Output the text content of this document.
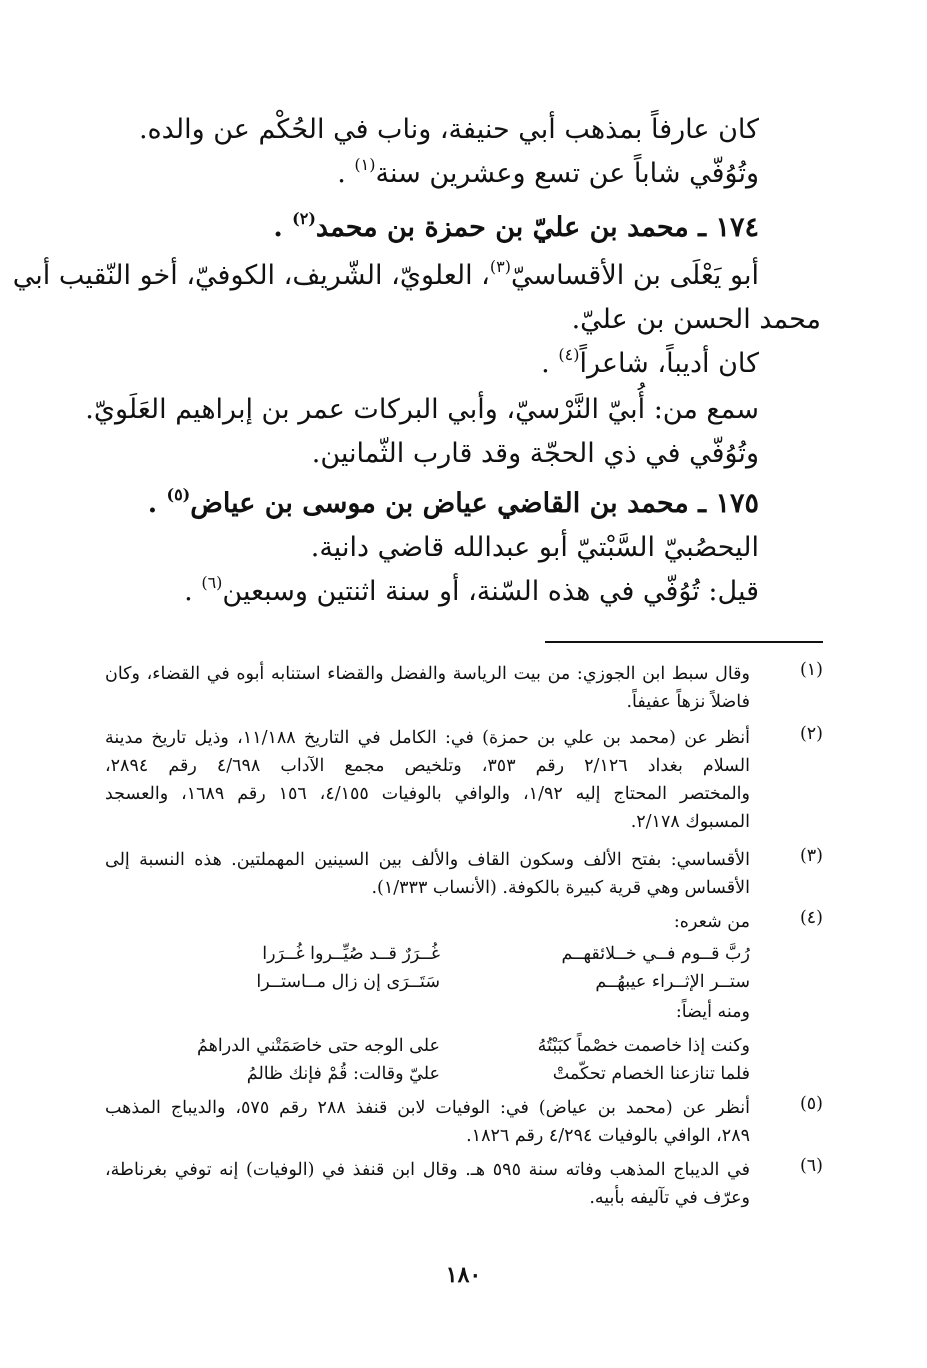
كان عارفاً بمذهب أبي حنيفة، وناب في الحُكْم عن والده.
وتُوُفّي شاباً عن تسع وعشرين سنة$^{(١)}$ .
١٧٤ ـ محمد بن عليّ بن حمزة بن محمد$^{(٢)}$ .
أبو يَعْلَى بن الأقساسيّ$^{(٣)}$، العلويّ، الشّريف، الكوفيّ، أخو النّقيب أبي
محمد الحسن بن عليّ.
كان أديباً، شاعراً$^{(٤)}$ .
سمع من: أُبيّ النَّرْسيّ، وأبي البركات عمر بن إبراهيم العَلَويّ.
وتُوُفّي في ذي الحجّة وقد قارب الثّمانين.
١٧٥ ـ محمد بن القاضي عياض بن موسى بن عياض$^{(٥)}$ .
اليحصُبيّ السَّبْتيّ أبو عبدالله قاضي دانية.
قيل: تُوُفّي في هذه السّنة، أو سنة اثنتين وسبعين$^{(٦)}$ .
(١)
وقال سبط ابن الجوزي: من بيت الرياسة والفضل والقضاء استنابه أبوه في القضاء، وكان
فاضلاً نزهاً عفيفاً.
(٢)
أنظر عن (محمد بن علي بن حمزة) في: الكامل في التاريخ ١١/١٨٨، وذيل تاريخ مدينة
السلام بغداد ٢/١٢٦ رقم ٣٥٣، وتلخيص مجمع الآداب ٤/٦٩٨ رقم ٢٨٩٤،
والمختصر المحتاج إليه ١/٩٢، والوافي بالوفيات ٤/١٥٥، ١٥٦ رقم ١٦٨٩، والعسجد
المسبوك ٢/١٧٨.
(٣)
الأقساسي: بفتح الألف وسكون القاف والألف بين السينين المهملتين. هذه النسبة إلى
الأقساس وهي قرية كبيرة بالكوفة. (الأنساب ١/٣٣٣).
(٤)
من شعره:
رُبَّ قــوم فــي خــلائقهــم
غُــرَرٌ قــد صُيِّــروا غُــرَرا
ستــر الإثــراء عيبهُــم
سَتَــرَى إن زال مــاستــرا
ومنه أيضاً:
وكنت إذا خاصمت خصْماً كبَبْتُهُ
على الوجه حتى خاصَمَتْني الدراهمُ
فلما تنازعنا الخصام تحكّمتْ
عليّ وقالت: قُمْ فإنك ظالمُ
(٥)
أنظر عن (محمد بن عياض) في: الوفيات لابن قنفذ ٢٨٨ رقم ٥٧٥، والديباج المذهب
٢٨٩، الوافي بالوفيات ٤/٢٩٤ رقم ١٨٢٦.
(٦)
في الديباج المذهب وفاته سنة ٥٩٥ هـ. وقال ابن قنفذ في (الوفيات) إنه توفي بغرناطة،
وعرّف في تآليفه بأبيه.
١٨٠
